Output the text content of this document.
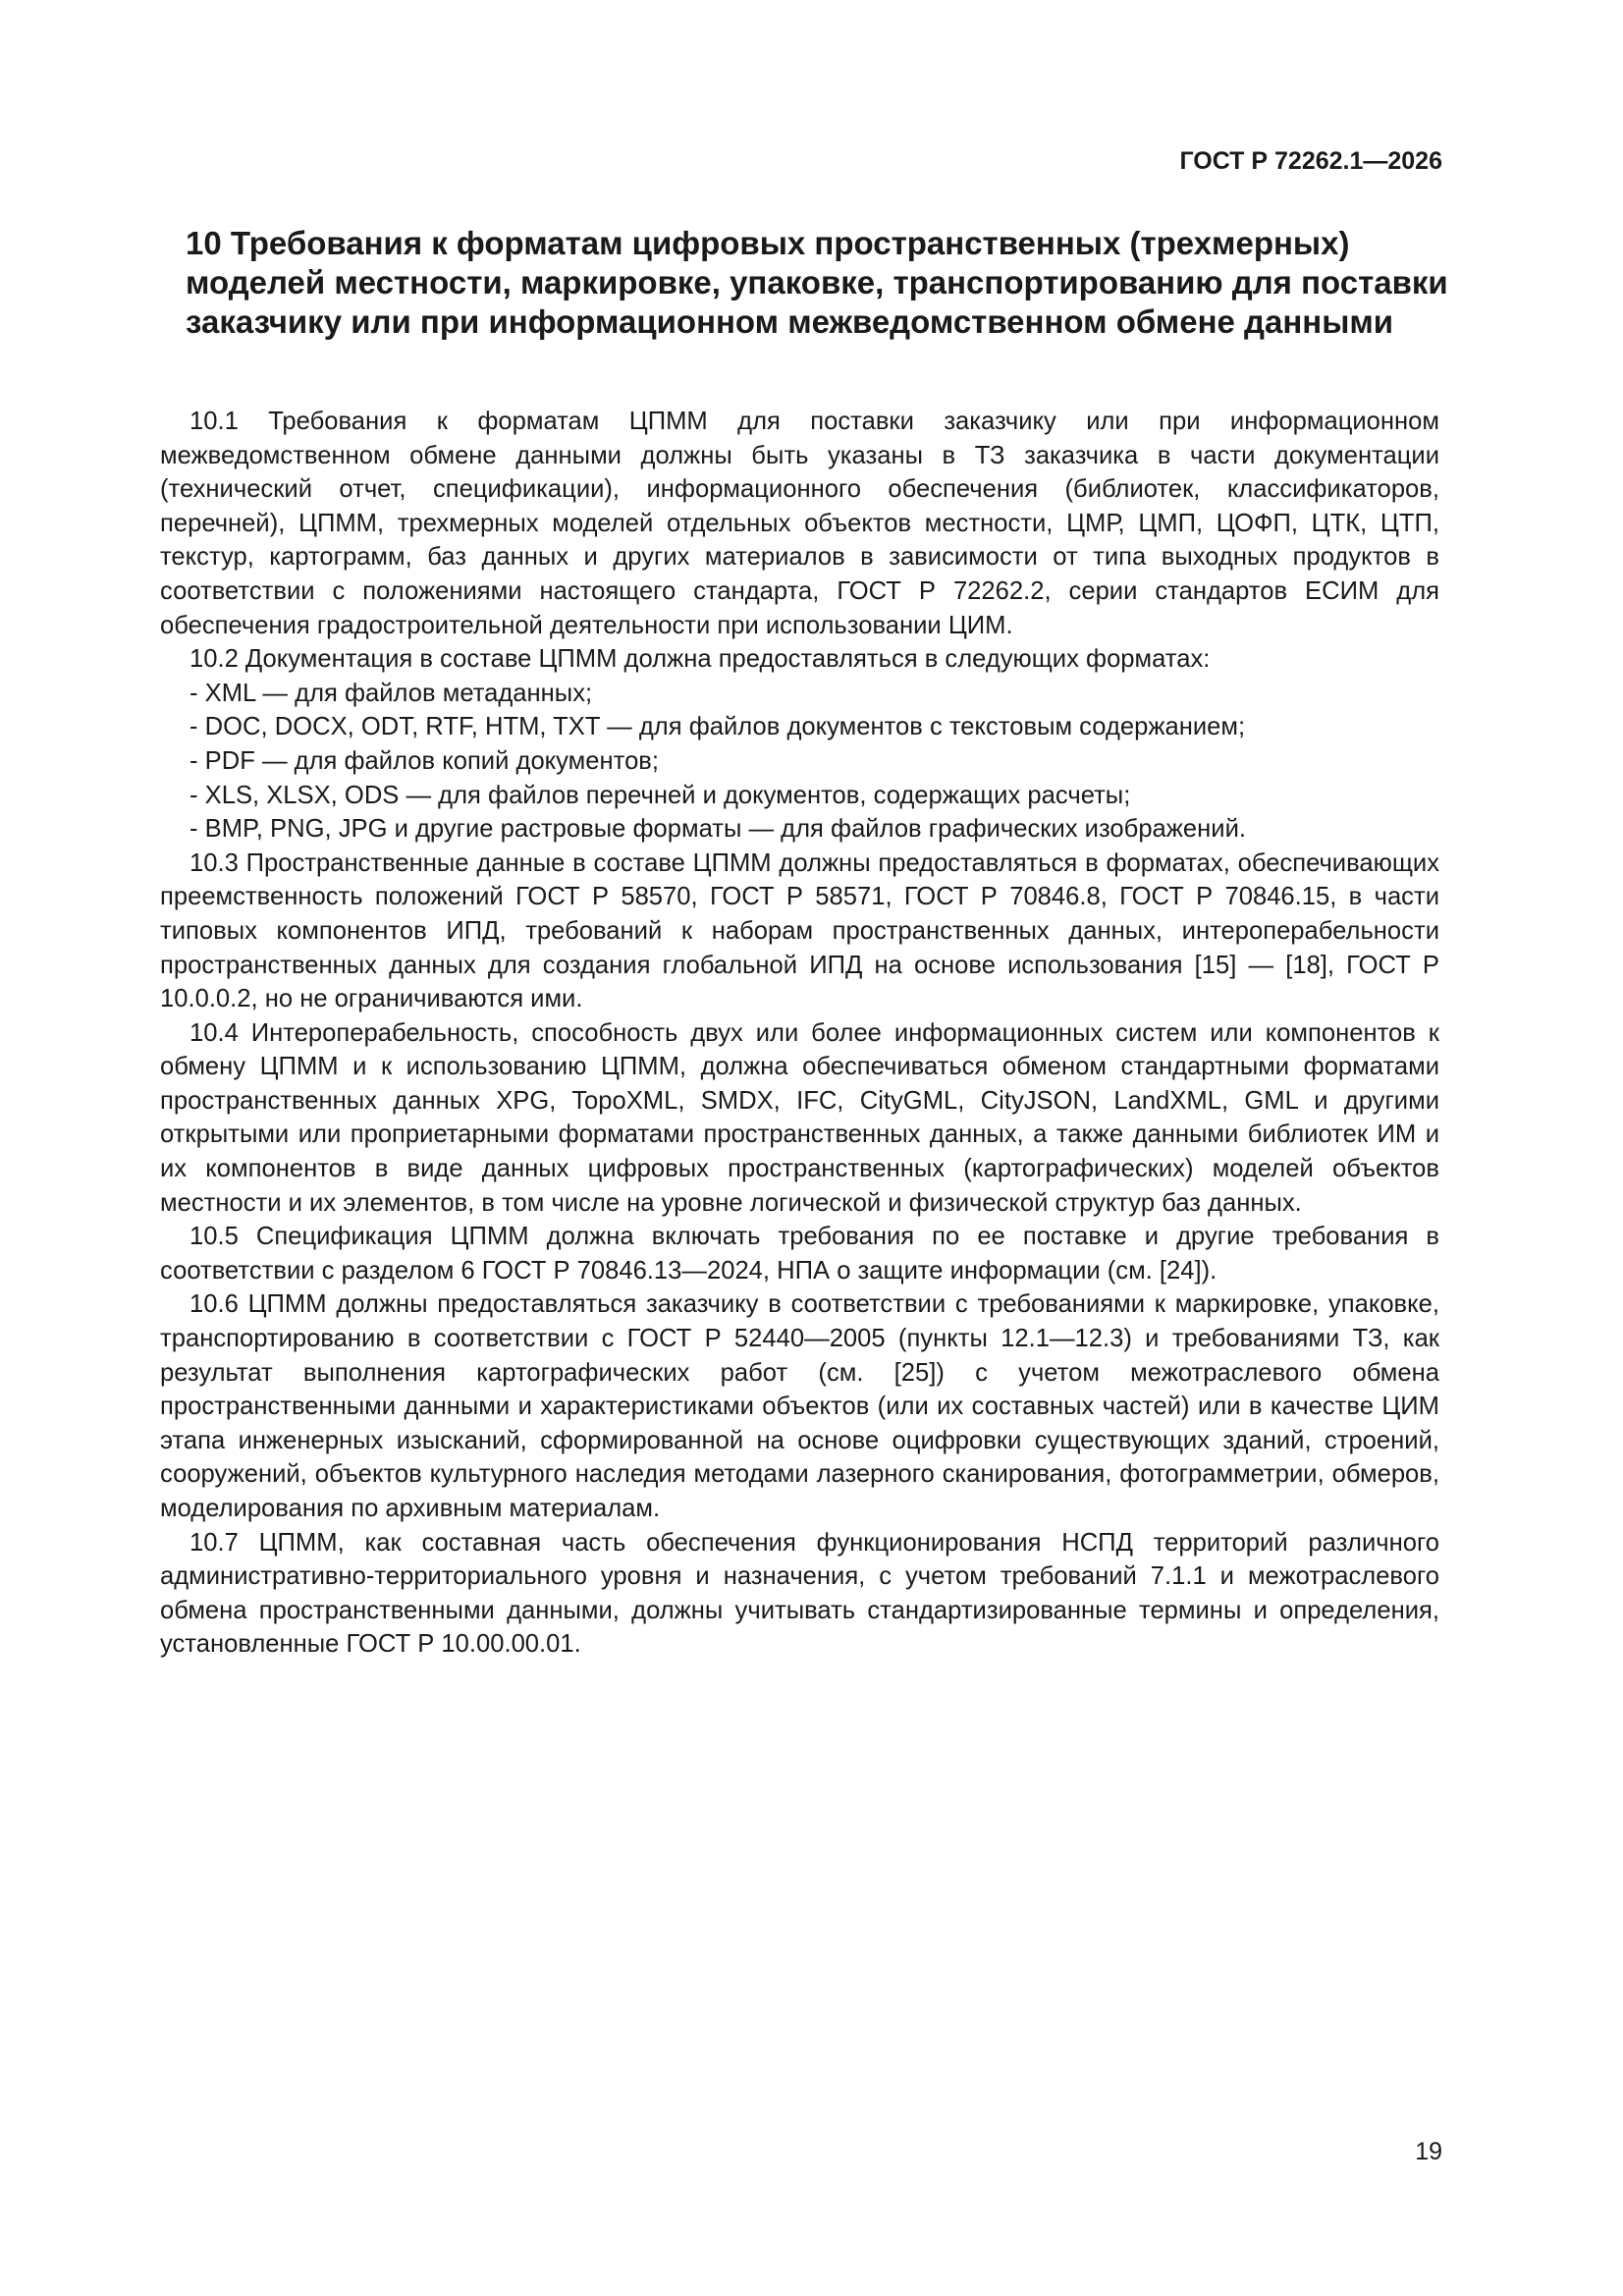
ГОСТ Р 72262.1—2026

10 Требования к форматам цифровых пространственных (трехмерных) моделей местности, маркировке, упаковке, транспортированию для поставки заказчику или при информационном межведомственном обмене данными

10.1 Требования к форматам ЦПММ для поставки заказчику или при информационном межведомственном обмене данными должны быть указаны в ТЗ заказчика в части документации (технический отчет, спецификации), информационного обеспечения (библиотек, классификаторов, перечней), ЦПММ, трехмерных моделей отдельных объектов местности, ЦМР, ЦМП, ЦОФП, ЦТК, ЦТП, текстур, картограмм, баз данных и других материалов в зависимости от типа выходных продуктов в соответствии с положениями настоящего стандарта, ГОСТ Р 72262.2, серии стандартов ЕСИМ для обеспечения градостроительной деятельности при использовании ЦИМ.

10.2 Документация в составе ЦПММ должна предоставляться в следующих форматах:

- XML — для файлов метаданных;
- DOC, DOCX, ODT, RTF, HTM, TXT — для файлов документов с текстовым содержанием;
- PDF — для файлов копий документов;
- XLS, XLSX, ODS — для файлов перечней и документов, содержащих расчеты;
- BMP, PNG, JPG и другие растровые форматы — для файлов графических изображений.

10.3 Пространственные данные в составе ЦПММ должны предоставляться в форматах, обеспечивающих преемственность положений ГОСТ Р 58570, ГОСТ Р 58571, ГОСТ Р 70846.8, ГОСТ Р 70846.15, в части типовых компонентов ИПД, требований к наборам пространственных данных, интероперабельности пространственных данных для создания глобальной ИПД на основе использования [15] — [18], ГОСТ Р 10.0.0.2, но не ограничиваются ими.

10.4 Интероперабельность, способность двух или более информационных систем или компонентов к обмену ЦПММ и к использованию ЦПММ, должна обеспечиваться обменом стандартными форматами пространственных данных XPG, TopoXML, SMDX, IFC, CityGML, CityJSON, LandXML, GML и другими открытыми или проприетарными форматами пространственных данных, а также данными библиотек ИМ и их компонентов в виде данных цифровых пространственных (картографических) моделей объектов местности и их элементов, в том числе на уровне логической и физической структур баз данных.

10.5 Спецификация ЦПММ должна включать требования по ее поставке и другие требования в соответствии с разделом 6 ГОСТ Р 70846.13—2024, НПА о защите информации (см. [24]).

10.6 ЦПММ должны предоставляться заказчику в соответствии с требованиями к маркировке, упаковке, транспортированию в соответствии с ГОСТ Р 52440—2005 (пункты 12.1—12.3) и требованиями ТЗ, как результат выполнения картографических работ (см. [25]) с учетом межотраслевого обмена пространственными данными и характеристиками объектов (или их составных частей) или в качестве ЦИМ этапа инженерных изысканий, сформированной на основе оцифровки существующих зданий, строений, сооружений, объектов культурного наследия методами лазерного сканирования, фотограмметрии, обмеров, моделирования по архивным материалам.

10.7 ЦПММ, как составная часть обеспечения функционирования НСПД территорий различного административно-территориального уровня и назначения, с учетом требований 7.1.1 и межотраслевого обмена пространственными данными, должны учитывать стандартизированные термины и определения, установленные ГОСТ Р 10.00.00.01.

19
